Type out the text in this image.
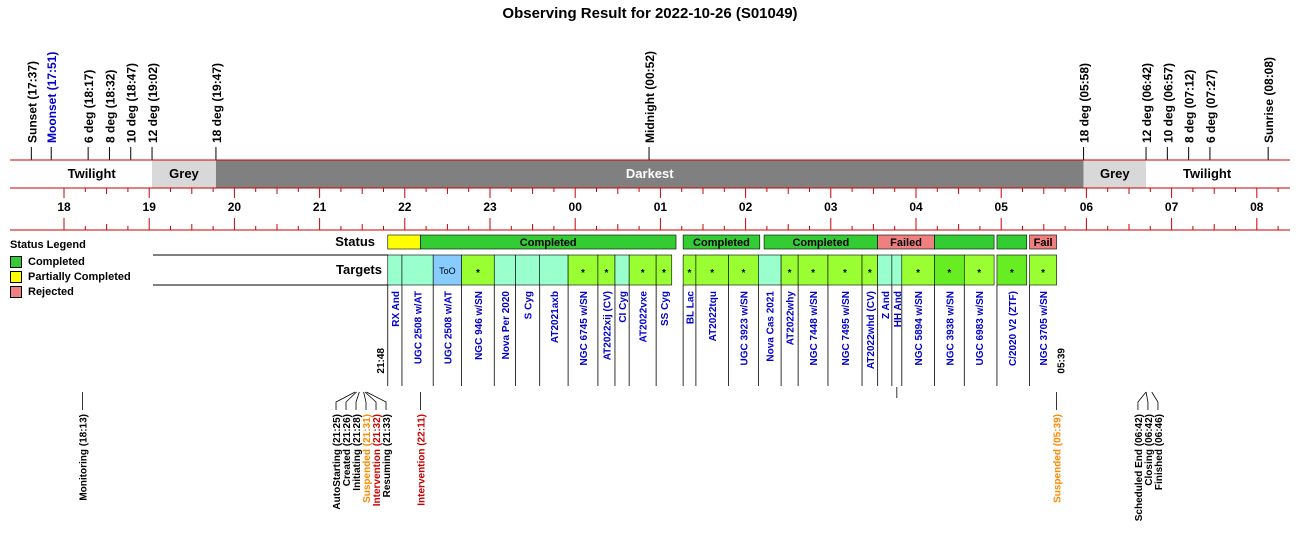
Observing Result for 2022-10-26 (S01049)
Sunset (17:37) Moonset (17:51) 6 deg (18:17) 8 deg (18:32) 10 deg (18:47) 12 deg (19:02)	18 deg (19:47)	Midnight (00:52)	18 deg (05:58)	12 deg (06:42) 10 deg (06:57) 8 deg (07:12) 6 deg (07:27)	Sunrise (08:08)
Twilight	Grey	Darkest	Grey	Twilight
18	19	20	21	22	23	00	01	02	03	04	05	06	07	08
Status
Targets
Completed	Completed	Completed	Failed	Fail
RX And UGC 2508 w/AT
ToO
UGC 2508 w/AT
*
NGC 946 w/SN Nova Per 2020 S Cyg AT2021axb
*
NGC 6745 w/SN
*
AT2022xij (CV) CI Cyg
*
AT2022vxe
*
SS Cyg
*
BL Lac
*
AT2022tqu
*
UGC 3923 w/SN Nova Cas 2021
*
AT2022why
*
NGC 7448 w/SN
*
NGC 7495 w/SN
*
AT2022whd (CV) Z And HH And
*
NGC 5894 w/SN
*
NGC 3938 w/SN
*
UGC 6983 w/SN
*
C/2020 V2 (ZTF)
*
NGC 3705 w/SN
21:48	05:39
Monitoring (18:13)	AutoStarting (21:25) Created (21:26) Initiating (21:28) Suspended (21:31) Intervention (21:32) Resuming (21:33) Intervention (22:11)	Suspended (05:39)	Scheduled End (06:42) Closing (06:42) Finished (06:46)
Status Legend
Completed
Partially Completed
Rejected
